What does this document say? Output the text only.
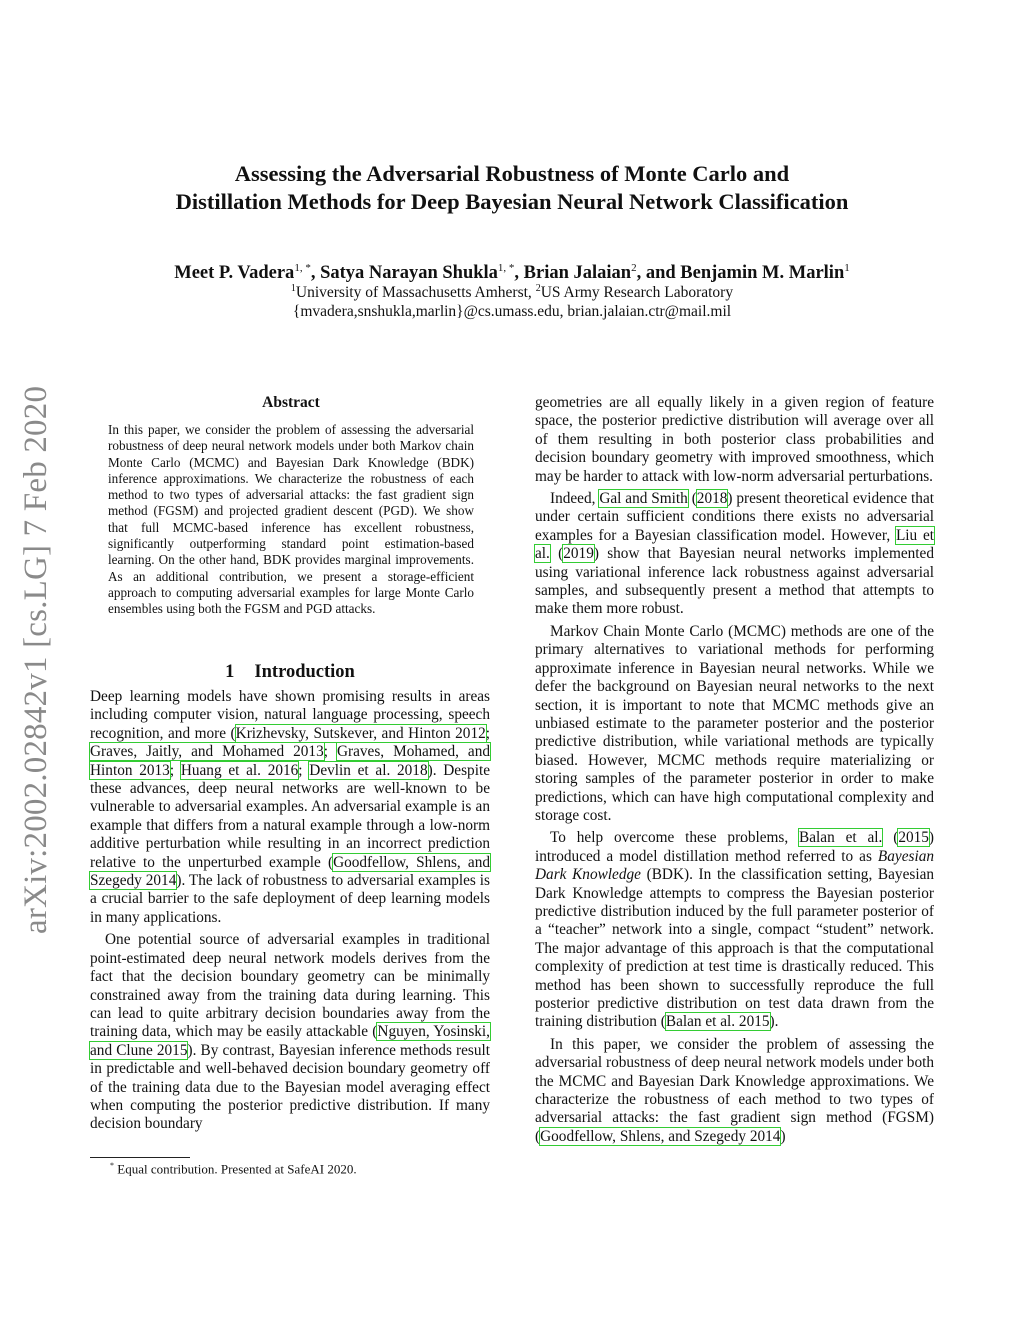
Assessing the Adversarial Robustness of Monte Carlo and
Distillation Methods for Deep Bayesian Neural Network Classification
Meet P. Vadera$^{1, *}$, Satya Narayan Shukla$^{1, *}$, Brian Jalaian$^2$, and Benjamin M. Marlin$^1$
$^1$University of Massachusetts Amherst, $^2$US Army Research Laboratory
{mvadera,snshukla,marlin}@cs.umass.edu, brian.jalaian.ctr@mail.mil
arXiv:2002.02842v1 [cs.LG] 7 Feb 2020	Abstract
In this paper, we consider the problem of assessing the adversarial robustness of deep neural network models under both Markov chain Monte Carlo (MCMC) and Bayesian Dark Knowledge (BDK) inference approximations. We characterize the robustness of each method to two types of adversarial attacks: the fast gradient sign method (FGSM) and projected gradient descent (PGD). We show that full MCMC-based inference has excellent robustness, significantly outperforming standard point estimation-based learning. On the other hand, BDK provides marginal improvements. As an additional contribution, we present a storage-efficient approach to computing adversarial examples for large Monte Carlo ensembles using both the FGSM and PGD attacks.
1 Introduction

Deep learning models have shown promising results in areas including computer vision, natural language processing, speech recognition, and more (Krizhevsky, Sutskever, and Hinton 2012; Graves, Jaitly, and Mohamed 2013; Graves, Mohamed, and Hinton 2013; Huang et al. 2016; Devlin et al. 2018). Despite these advances, deep neural networks are well-known to be vulnerable to adversarial examples. An adversarial example is an example that differs from a natural example through a low-norm additive perturbation while resulting in an incorrect prediction relative to the unperturbed example (Goodfellow, Shlens, and Szegedy 2014). The lack of robustness to adversarial examples is a crucial barrier to the safe deployment of deep learning models in many applications.

One potential source of adversarial examples in traditional point-estimated deep neural network models derives from the fact that the decision boundary geometry can be minimally constrained away from the training data during learning. This can lead to quite arbitrary decision boundaries away from the training data, which may be easily attackable (Nguyen, Yosinski, and Clune 2015). By contrast, Bayesian inference methods result in predictable and well-behaved decision boundary geometry off of the training data due to the Bayesian model averaging effect when computing the posterior predictive distribution. If many decision boundary

geometries are all equally likely in a given region of feature space, the posterior predictive distribution will average over all of them resulting in both posterior class probabilities and decision boundary geometry with improved smoothness, which may be harder to attack with low-norm adversarial perturbations.

Indeed, Gal and Smith (2018) present theoretical evidence that under certain sufficient conditions there exists no adversarial examples for a Bayesian classification model. However, Liu et al. (2019) show that Bayesian neural networks implemented using variational inference lack robustness against adversarial samples, and subsequently present a method that attempts to make them more robust.

Markov Chain Monte Carlo (MCMC) methods are one of the primary alternatives to variational methods for performing approximate inference in Bayesian neural networks. While we defer the background on Bayesian neural networks to the next section, it is important to note that MCMC methods give an unbiased estimate to the parameter posterior and the posterior predictive distribution, while variational methods are typically biased. However, MCMC methods require materializing or storing samples of the parameter posterior in order to make predictions, which can have high computational complexity and storage cost.

To help overcome these problems, Balan et al. (2015) introduced a model distillation method referred to as Bayesian Dark Knowledge (BDK). In the classification setting, Bayesian Dark Knowledge attempts to compress the Bayesian posterior predictive distribution induced by the full parameter posterior of a “teacher” network into a single, compact “student” network. The major advantage of this approach is that the computational complexity of prediction at test time is drastically reduced. This method has been shown to successfully reproduce the full posterior predictive distribution on test data drawn from the training distribution (Balan et al. 2015).

In this paper, we consider the problem of assessing the adversarial robustness of deep neural network models under both the MCMC and Bayesian Dark Knowledge approximations. We characterize the robustness of each method to two types of adversarial attacks: the fast gradient sign method (FGSM) (Goodfellow, Shlens, and Szegedy 2014)

* Equal contribution. Presented at SafeAI 2020.
